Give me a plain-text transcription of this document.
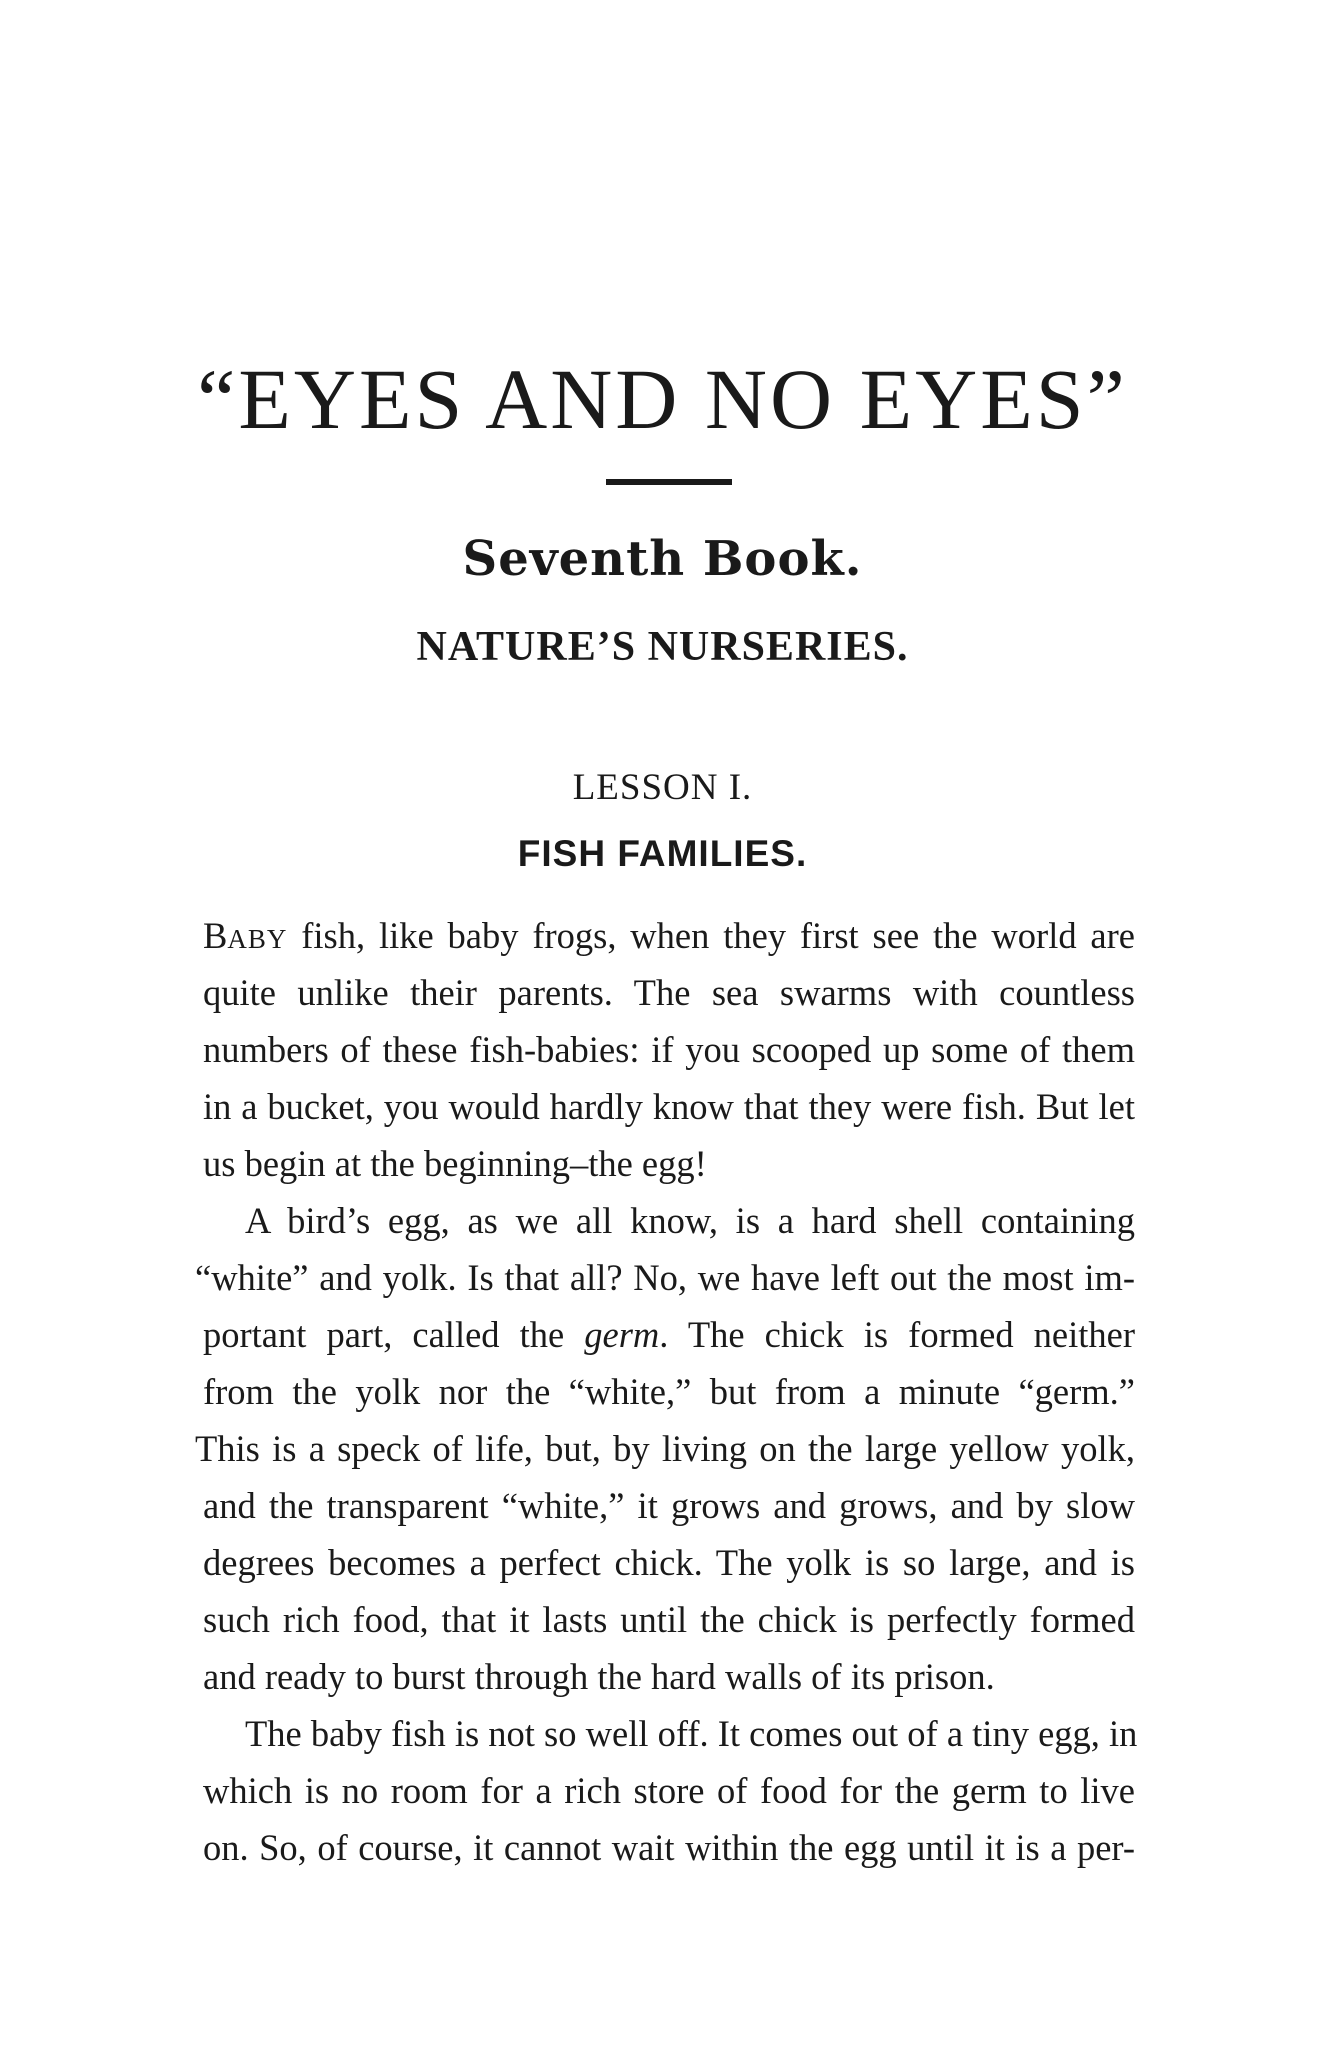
“EYES AND NO EYES”
Seventh Book.
NATURE’S NURSERIES.
LESSON I.
FISH FAMILIES.
BABY fish, like baby frogs, when they first see the world are
quite unlike their parents. The sea swarms with countless
numbers of these fish-babies: if you scooped up some of them
in a bucket, you would hardly know that they were fish. But let
us begin at the beginning–the egg!
A bird’s egg, as we all know, is a hard shell containing
“white” and yolk. Is that all? No, we have left out the most im-
portant part, called the germ. The chick is formed neither
from the yolk nor the “white,” but from a minute “germ.”
This is a speck of life, but, by living on the large yellow yolk,
and the transparent “white,” it grows and grows, and by slow
degrees becomes a perfect chick. The yolk is so large, and is
such rich food, that it lasts until the chick is perfectly formed
and ready to burst through the hard walls of its prison.
The baby fish is not so well off. It comes out of a tiny egg, in
which is no room for a rich store of food for the germ to live
on. So, of course, it cannot wait within the egg until it is a per-
